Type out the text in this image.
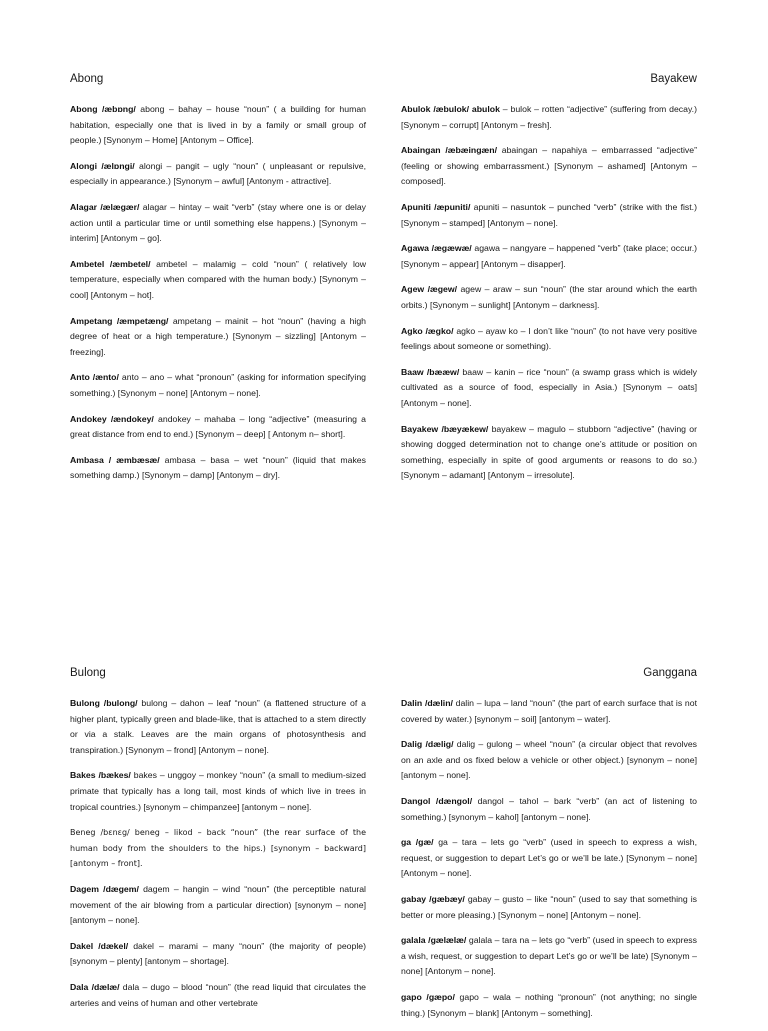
Abong

Abong /æbɒng/ abong – bahay – house “noun” ( a building for human habitation, especially one that is lived in by a family or small group of people.) [Synonym – Home] [Antonym – Office].

Alongi /ælɒngi/ alongi – pangit – ugly “noun” ( unpleasant or repulsive, especially in appearance.) [Synonym – awful] [Antonym - attractive].

Alagar /ælægær/ alagar – hintay – wait “verb” (stay where one is or delay action until a particular time or until something else happens.) [Synonym – interim] [Antonym – go].

Ambetel /æmbetel/ ambetel – malamig – cold “noun” ( relatively low temperature, especially when compared with the human body.) [Synonym – cool] [Antonym – hot].

Ampetang /æmpetæng/ ampetang – mainit – hot “noun” (having a high degree of heat or a high temperature.) [Synonym – sizzling] [Antonym – freezing].

Anto /ænto/ anto – ano – what “pronoun” (asking for information specifying something.) [Synonym – none] [Antonym – none].

Andokey /ændokey/ andokey – mahaba – long “adjective” (measuring a great distance from end to end.) [Synonym – deep] [ Antonym n– short].

Ambasa / æmbæsæ/ ambasa – basa – wet “noun” (liquid that makes something damp.) [Synonym – damp] [Antonym – dry].

Bayakew

Abulok /æbulok/ abulok – bulok – rotten “adjective” (suffering from decay.) [Synonym – corrupt] [Antonym – fresh].

Abaingan /æbæingæn/ abaingan – napahiya – embarrassed “adjective” (feeling or showing embarrassment.) [Synonym – ashamed] [Antonym – composed].

Apuniti /æpuniti/ apuniti – nasuntok – punched “verb” (strike with the fist.) [Synonym – stamped] [Antonym – none].

Agawa /ægæwæ/ agawa – nangyare – happened “verb” (take place; occur.) [Synonym – appear] [Antonym – disapper].

Agew /ægew/ agew – araw – sun “noun” (the star around which the earth orbits.) [Synonym – sunlight] [Antonym – darkness].

Agko /ægko/ agko – ayaw ko – I don’t like “noun” (to not have very positive feelings about someone or something).

Baaw /bææw/ baaw – kanin – rice “noun” (a swamp grass which is widely cultivated as a source of food, especially in Asia.) [Synonym – oats] [Antonym – none].

Bayakew /bæyækew/ bayakew – magulo – stubborn “adjective” (having or showing dogged determination not to change one’s attitude or position on something, especially in spite of good arguments or reasons to do so.) [Synonym – adamant] [Antonym – irresolute].

Bulong

Bulong /bulong/ bulong – dahon – leaf “noun” (a flattened structure of a higher plant, typically green and blade-like, that is attached to a stem directly or via a stalk. Leaves are the main organs of photosynthesis and transpiration.) [Synonym – frond] [Antonym – none].

Bakes /bækes/ bakes – unggoy – monkey “noun” (a small to medium-sized primate that typically has a long tail, most kinds of which live in trees in tropical countries.) [synonym – chimpanzee] [antonym – none].

Beneg /bεnεg/ beneg – likod – back “noun” (the rear surface of the human body from the shoulders to the hips.) [synonym – backward] [antonym – front].

Dagem /dægem/ dagem – hangin – wind “noun” (the perceptible natural movement of the air blowing from a particular direction) [synonym – none] [antonym – none].

Dakel /dækel/ dakel – marami – many “noun” (the majority of people) [synonym – plenty] [antonym – shortage].

Dala /dælæ/ dala – dugo – blood “noun” (the read liquid that circulates the arteries and veins of human and other vertebrate

Ganggana

Dalin /dælin/ dalin – lupa – land “noun” (the part of earch surface that is not covered by water.) [synonym – soil] [antonym – water].

Dalig /dælig/ dalig – gulong – wheel “noun” (a circular object that revolves on an axle and os fixed below a vehicle or other object.) [synonym – none] [antonym – none].

Dangol /dængol/ dangol – tahol – bark “verb” (an act of listening to something.) [synonym – kahol] [antonym – none].

ga /gæ/ ga – tara – lets go “verb” (used in speech to express a wish, request, or suggestion to depart Let’s go or we’ll be late.) [Synonym – none] [Antonym – none].

gabay /gæbæy/ gabay – gusto – like “noun” (used to say that something is better or more pleasing.) [Synonym – none] [Antonym – none].

galala /gælælæ/ galala – tara na – lets go “verb” (used in speech to express a wish, request, or suggestion to depart Let’s go or we’ll be late) [Synonym – none] [Antonym – none].

gapo /gæpo/ gapo – wala – nothing “pronoun” (not anything; no single thing.) [Synonym – blank] [Antonym – something].
